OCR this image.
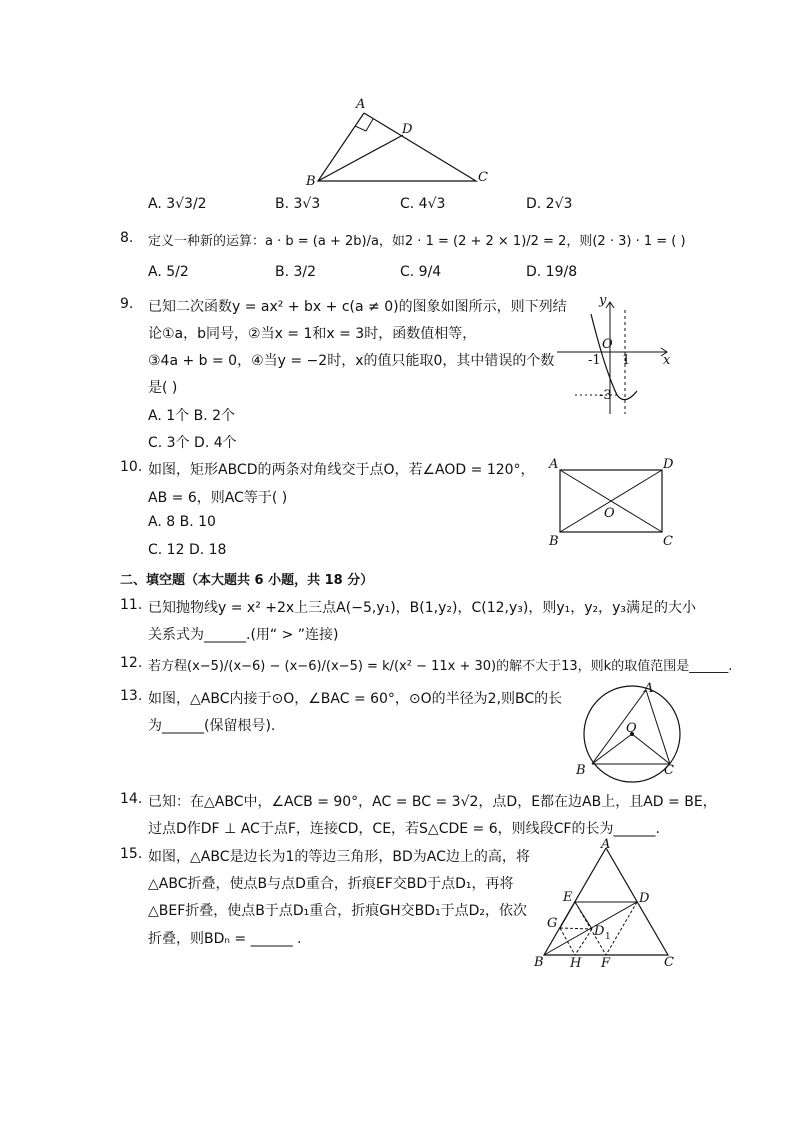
A
D
B	C
A. 3√3/2	B. 3√3	C. 4√3	D. 2√3
8. 定义一种新的运算：a · b = (a + 2b)/a，如2 · 1 = (2 + 2 × 1)/2 = 2，则(2 · 3) · 1 = ( )
A. 5/2	B. 3/2	C. 9/4	D. 19/8
9. 已知二次函数y = ax² + bx + c(a ≠ 0)的图象如图所示，则下列结
论①a，b同号，②当x = 1和x = 3时，函数值相等，
③4a + b = 0，④当y = −2时，x的值只能取0，其中错误的个数
是( )
A. 1个 B. 2个
C. 3个 D. 4个
y
x
O
-1 1
-3
10. 如图，矩形ABCD的两条对角线交于点O，若∠AOD = 120°，
AB = 6，则AC等于( )
A. 8 B. 10
C. 12 D. 18
A	D
B	C
O
二、填空题（本大题共 6 小题，共 18 分）
11. 已知抛物线y = x² +2x上三点A(−5,y₁)，B(1,y₂)，C(12,y₃)，则y₁，y₂，y₃满足的大小
关系式为______.(用“ > ”连接)
12. 若方程(x−5)/(x−6) − (x−6)/(x−5) = k/(x² − 11x + 30)的解不大于13，则k的取值范围是______.
13. 如图，△ABC内接于⊙O，∠BAC = 60°，⊙O的半径为2,则BC的长
为______(保留根号).
A
B	C
O
14. 已知：在△ABC中，∠ACB = 90°，AC = BC = 3√2，点D，E都在边AB上，且AD = BE，
过点D作DF ⊥ AC于点F，连接CD，CE，若S△CDE = 6，则线段CF的长为______.
15. 如图，△ABC是边长为1的等边三角形，BD为AC边上的高，将
△ABC折叠，使点B与点D重合，折痕EF交BD于点D₁，再将
△BEF折叠，使点B于点D₁重合，折痕GH交BD₁于点D₂，依次
折叠，则BDₙ = ______ .
A
E	D
G
D 1
B H F	C
